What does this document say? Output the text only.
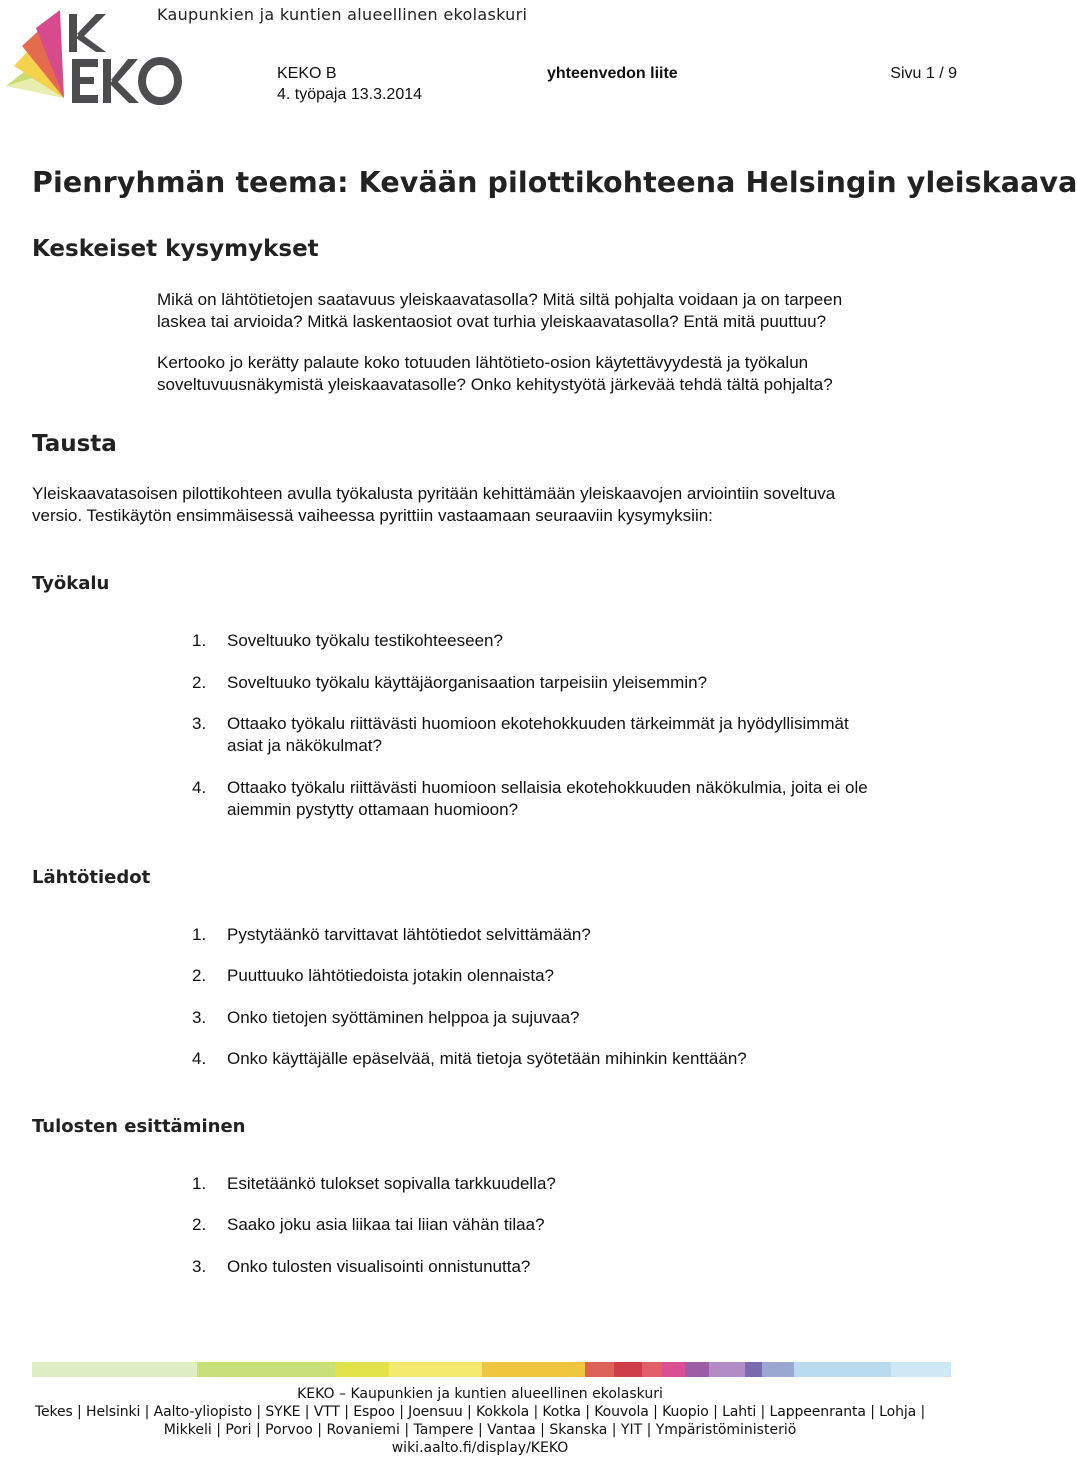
Kaupunkien ja kuntien alueellinen ekolaskuri
KEKO B
4. työpaja 13.3.2014
yhteenvedon liite	Sivu 1 / 9
Pienryhmän teema: Kevään pilottikohteena Helsingin yleiskaava
Keskeiset kysymykset
Mikä on lähtötietojen saatavuus yleiskaavatasolla? Mitä siltä pohjalta voidaan ja on tarpeen
laskea tai arvioida? Mitkä laskentaosiot ovat turhia yleiskaavatasolla? Entä mitä puuttuu?
Kertooko jo kerätty palaute koko totuuden lähtötieto-osion käytettävyydestä ja työkalun
soveltuvuusnäkymistä yleiskaavatasolle? Onko kehitystyötä järkevää tehdä tältä pohjalta?
Tausta
Yleiskaavatasoisen pilottikohteen avulla työkalusta pyritään kehittämään yleiskaavojen arviointiin soveltuva
versio. Testikäytön ensimmäisessä vaiheessa pyrittiin vastaamaan seuraaviin kysymyksiin:
Työkalu
1. Soveltuuko työkalu testikohteeseen?
2. Soveltuuko työkalu käyttäjäorganisaation tarpeisiin yleisemmin?
3. Ottaako työkalu riittävästi huomioon ekotehokkuuden tärkeimmät ja hyödyllisimmät
asiat ja näkökulmat?
4. Ottaako työkalu riittävästi huomioon sellaisia ekotehokkuuden näkökulmia, joita ei ole
aiemmin pystytty ottamaan huomioon?
Lähtötiedot
1. Pystytäänkö tarvittavat lähtötiedot selvittämään?
2. Puuttuuko lähtötiedoista jotakin olennaista?
3. Onko tietojen syöttäminen helppoa ja sujuvaa?
4. Onko käyttäjälle epäselvää, mitä tietoja syötetään mihinkin kenttään?
Tulosten esittäminen
1. Esitetäänkö tulokset sopivalla tarkkuudella?
2. Saako joku asia liikaa tai liian vähän tilaa?
3. Onko tulosten visualisointi onnistunutta?
KEKO – Kaupunkien ja kuntien alueellinen ekolaskuri
Tekes | Helsinki | Aalto-yliopisto | SYKE | VTT | Espoo | Joensuu | Kokkola | Kotka | Kouvola | Kuopio | Lahti | Lappeenranta | Lohja |
Mikkeli | Pori | Porvoo | Rovaniemi | Tampere | Vantaa | Skanska | YIT | Ympäristöministeriö
wiki.aalto.fi/display/KEKO
